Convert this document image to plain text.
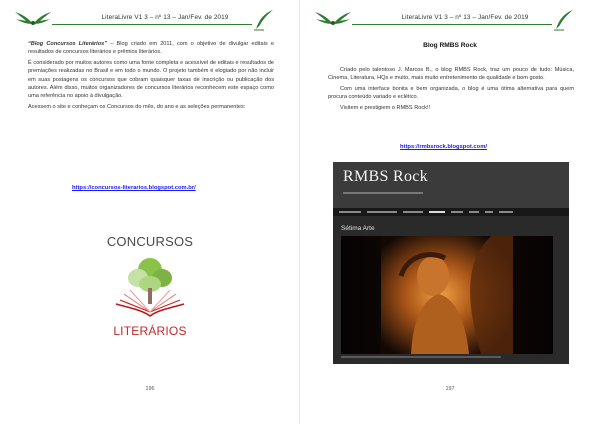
LiteraLivre V1 3 – nº 13 – Jan/Fev. de 2019

“Blog Concursos Literários” – Blog criado em 2011, com o objetivo de divulgar editais e resultados de concursos literários e prêmios literários.

É considerado por muitos autores como uma fonte completa e acessível de editais e resultados de premiações realizadas no Brasil e em todo o mundo. O projeto também é elogiado por não incluir em suas postagens os concursos que cobram quaisquer taxas de inscrição ou publicação dos autores. Além disso, muitos organizadores de concursos literários reconhecem este espaço como uma referência no apoio à divulgação.

Acessem o site e conheçam os Concursos do mês, do ano e as seleções permanentes:

https://concursos-literarios.blogspot.com.br/
CONCURSOS
LITERÁRIOS
196
LiteraLivre V1 3 – nº 13 – Jan/Fev. de 2019
Blog RMBS Rock

Criado pelo talentoso J. Marcos B., o blog RMBS Rock, traz um pouco de tudo: Música, Cinema, Literatura, HQs e muito, mais muito entretenimento de qualidade e bom gosto.

Com uma interface bonita e bem organizada, o blog é uma ótima alternativa para quem procura conteúdo variado e eclético.

Visitem e prestigiem o RMBS Rock!!

https://rmbsrock.blogspot.com/
RMBS Rock
Sétima Arte
197
